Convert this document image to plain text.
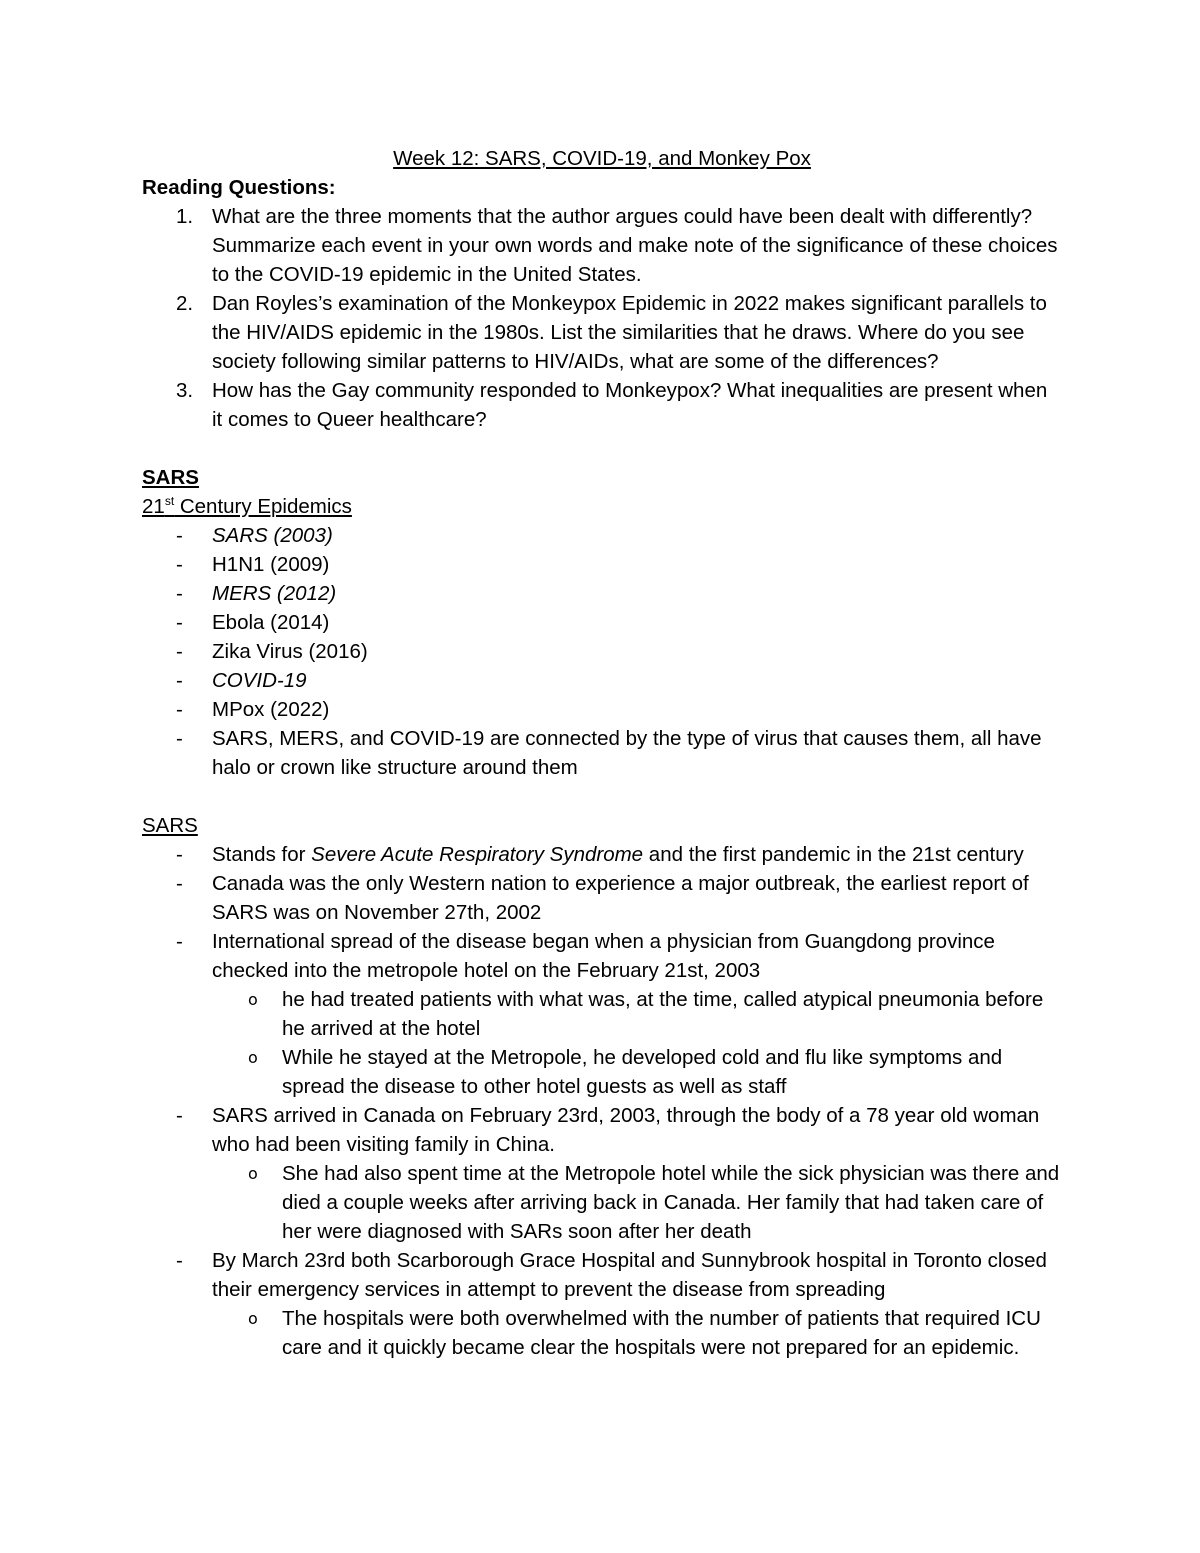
Week 12: SARS, COVID-19, and Monkey Pox

Reading Questions:

1. What are the three moments that the author argues could have been dealt with differently? Summarize each event in your own words and make note of the significance of these choices to the COVID-19 epidemic in the United States.
2. Dan Royles’s examination of the Monkeypox Epidemic in 2022 makes significant parallels to the HIV/AIDS epidemic in the 1980s. List the similarities that he draws. Where do you see society following similar patterns to HIV/AIDs, what are some of the differences?
3. How has the Gay community responded to Monkeypox? What inequalities are present when it comes to Queer healthcare?

SARS

21st Century Epidemics

- SARS (2003)
- H1N1 (2009)
- MERS (2012)
- Ebola (2014)
- Zika Virus (2016)
- COVID-19
- MPox (2022)
- SARS, MERS, and COVID-19 are connected by the type of virus that causes them, all have halo or crown like structure around them

SARS

- Stands for Severe Acute Respiratory Syndrome and the first pandemic in the 21st century
- Canada was the only Western nation to experience a major outbreak, the earliest report of SARS was on November 27th, 2002
- International spread of the disease began when a physician from Guangdong province checked into the metropole hotel on the February 21st, 2003
o he had treated patients with what was, at the time, called atypical pneumonia before he arrived at the hotel
o While he stayed at the Metropole, he developed cold and flu like symptoms and spread the disease to other hotel guests as well as staff
- SARS arrived in Canada on February 23rd, 2003, through the body of a 78 year old woman who had been visiting family in China.
o She had also spent time at the Metropole hotel while the sick physician was there and died a couple weeks after arriving back in Canada. Her family that had taken care of her were diagnosed with SARs soon after her death
- By March 23rd both Scarborough Grace Hospital and Sunnybrook hospital in Toronto closed their emergency services in attempt to prevent the disease from spreading
o The hospitals were both overwhelmed with the number of patients that required ICU care and it quickly became clear the hospitals were not prepared for an epidemic.
